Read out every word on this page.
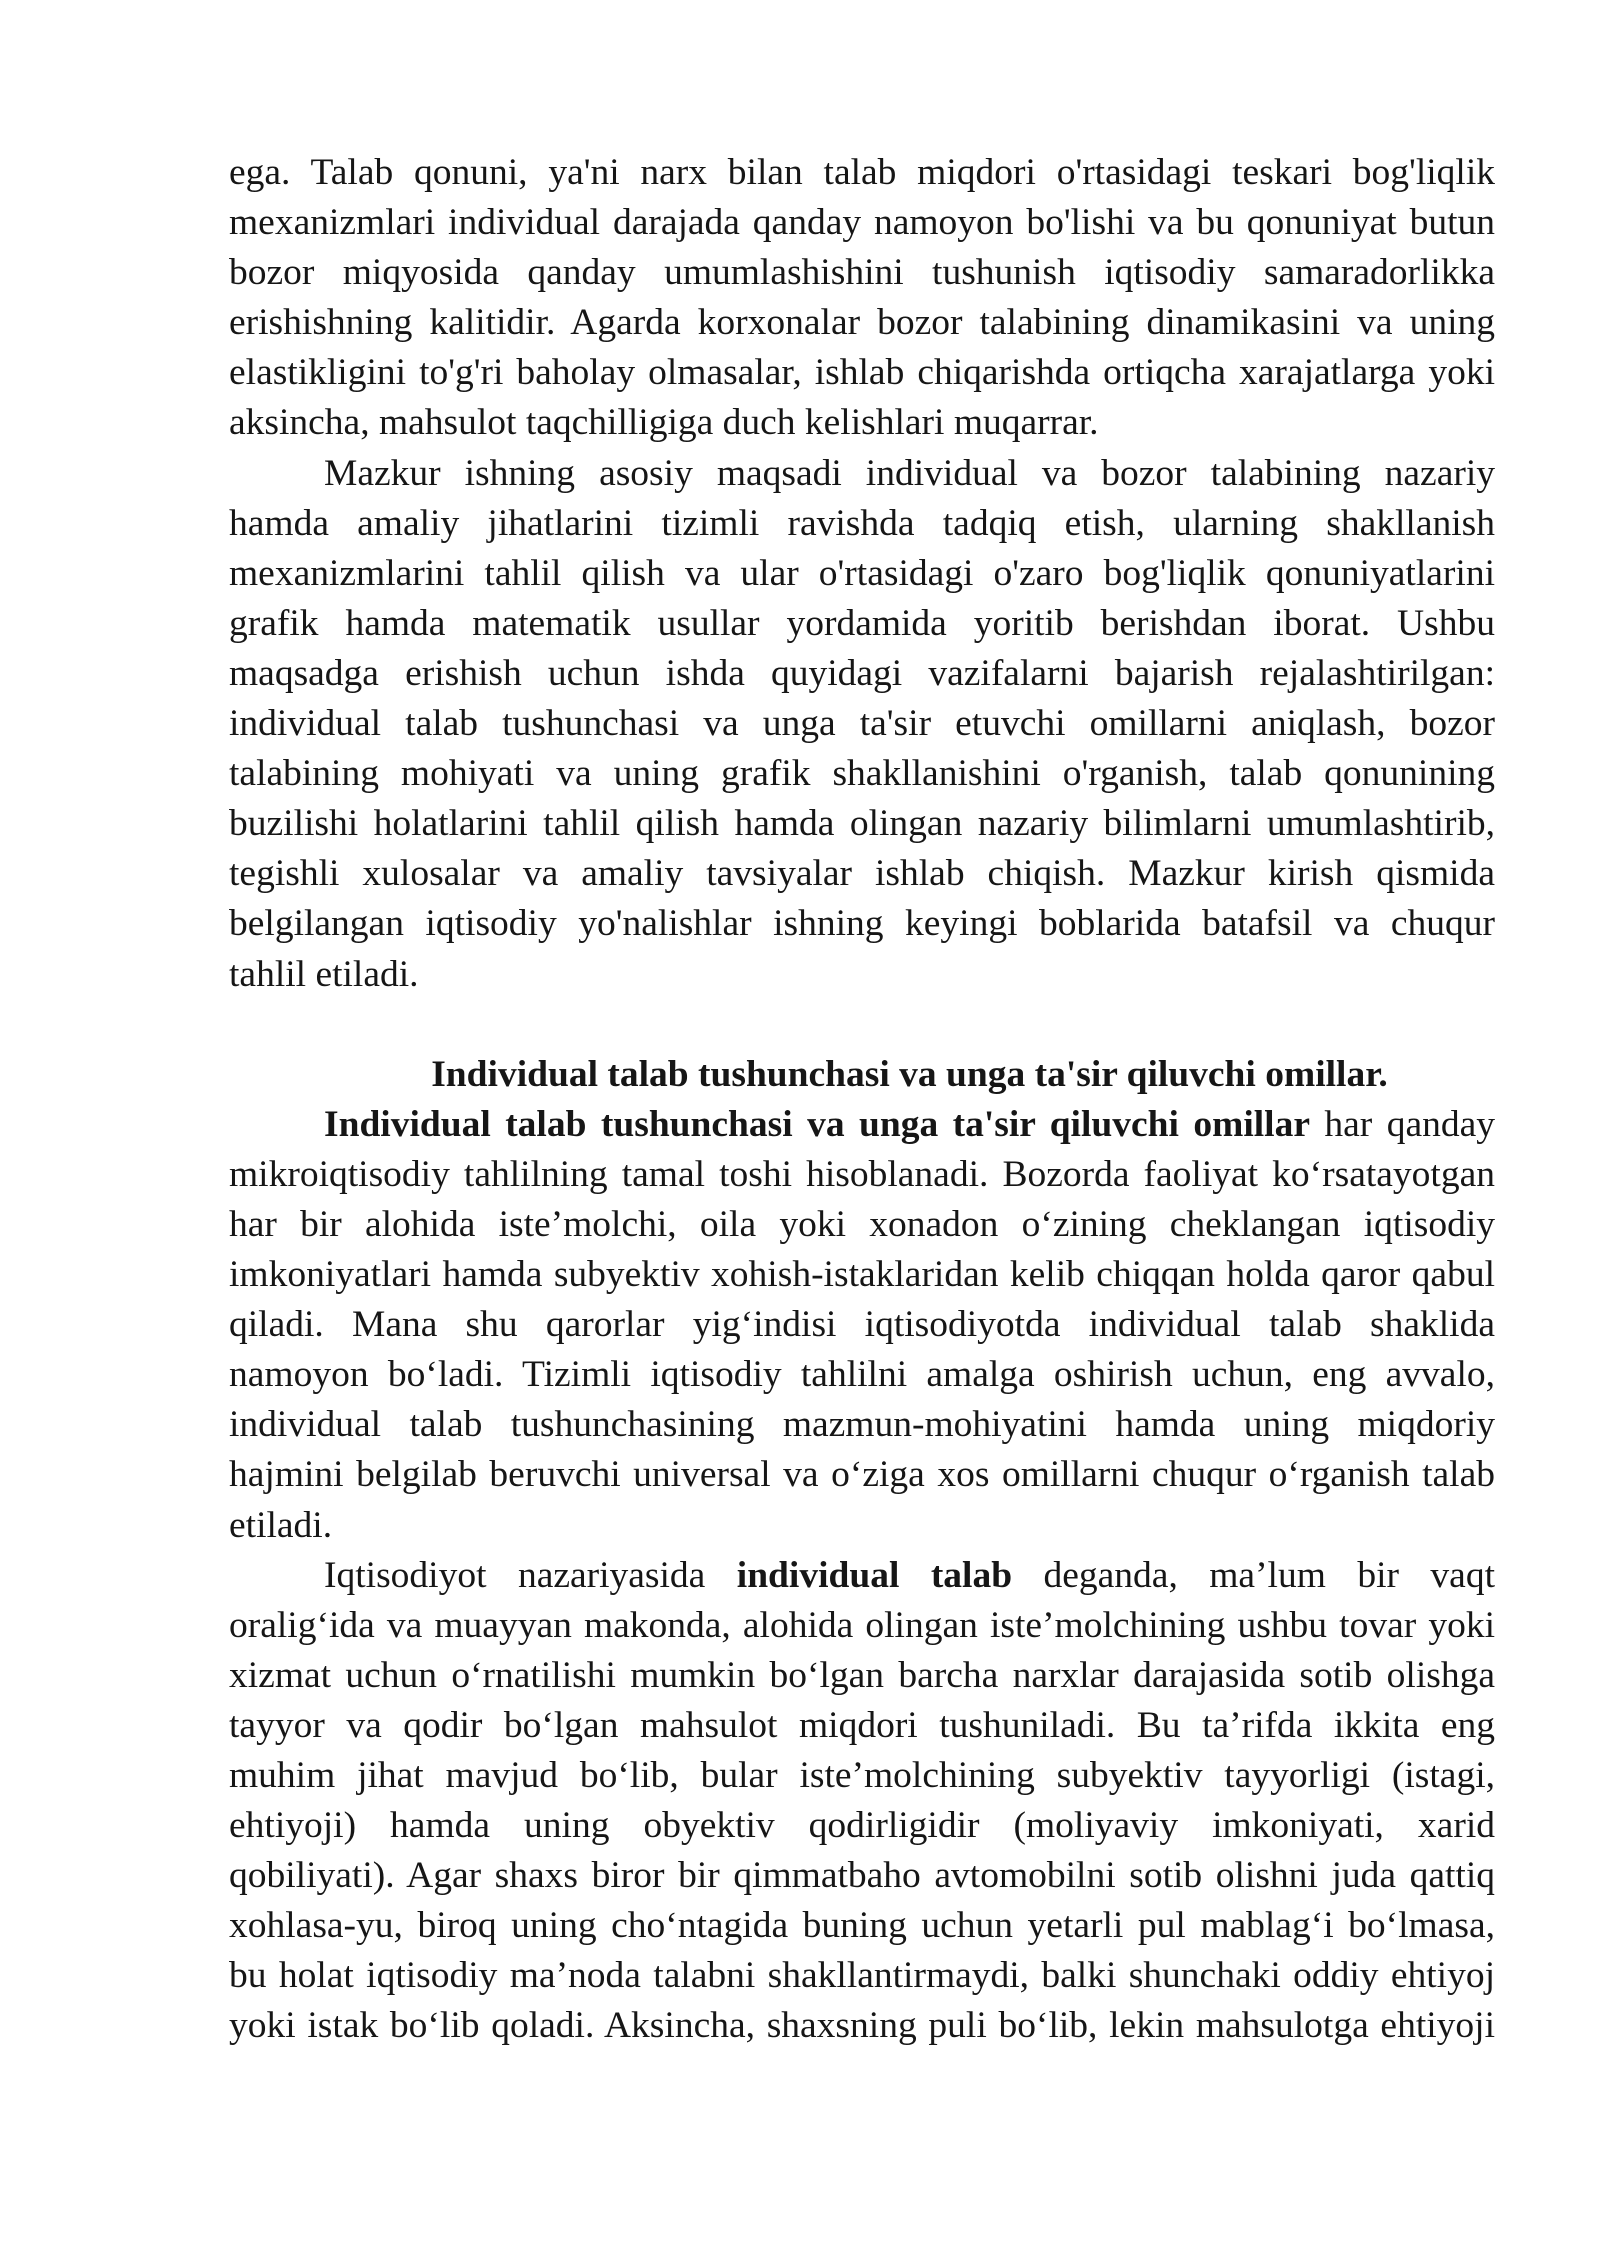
ega. Talab qonuni, ya'ni narx bilan talab miqdori o'rtasidagi teskari bog'liqlik
mexanizmlari individual darajada qanday namoyon bo'lishi va bu qonuniyat butun
bozor miqyosida qanday umumlashishini tushunish iqtisodiy samaradorlikka
erishishning kalitidir. Agarda korxonalar bozor talabining dinamikasini va uning
elastikligini to'g'ri baholay olmasalar, ishlab chiqarishda ortiqcha xarajatlarga yoki
aksincha, mahsulot taqchilligiga duch kelishlari muqarrar.
Mazkur ishning asosiy maqsadi individual va bozor talabining nazariy
hamda amaliy jihatlarini tizimli ravishda tadqiq etish, ularning shakllanish
mexanizmlarini tahlil qilish va ular o'rtasidagi o'zaro bog'liqlik qonuniyatlarini
grafik hamda matematik usullar yordamida yoritib berishdan iborat. Ushbu
maqsadga erishish uchun ishda quyidagi vazifalarni bajarish rejalashtirilgan:
individual talab tushunchasi va unga ta'sir etuvchi omillarni aniqlash, bozor
talabining mohiyati va uning grafik shakllanishini o'rganish, talab qonunining
buzilishi holatlarini tahlil qilish hamda olingan nazariy bilimlarni umumlashtirib,
tegishli xulosalar va amaliy tavsiyalar ishlab chiqish. Mazkur kirish qismida
belgilangan iqtisodiy yo'nalishlar ishning keyingi boblarida batafsil va chuqur
tahlil etiladi.
Individual talab tushunchasi va unga ta'sir qiluvchi omillar.
Individual talab tushunchasi va unga ta'sir qiluvchi omillar har qanday
mikroiqtisodiy tahlilning tamal toshi hisoblanadi. Bozorda faoliyat ko‘rsatayotgan
har bir alohida iste’molchi, oila yoki xonadon o‘zining cheklangan iqtisodiy
imkoniyatlari hamda subyektiv xohish-istaklaridan kelib chiqqan holda qaror qabul
qiladi. Mana shu qarorlar yig‘indisi iqtisodiyotda individual talab shaklida
namoyon bo‘ladi. Tizimli iqtisodiy tahlilni amalga oshirish uchun, eng avvalo,
individual talab tushunchasining mazmun-mohiyatini hamda uning miqdoriy
hajmini belgilab beruvchi universal va o‘ziga xos omillarni chuqur o‘rganish talab
etiladi.
Iqtisodiyot nazariyasida individual talab deganda, ma’lum bir vaqt
oralig‘ida va muayyan makonda, alohida olingan iste’molchining ushbu tovar yoki
xizmat uchun o‘rnatilishi mumkin bo‘lgan barcha narxlar darajasida sotib olishga
tayyor va qodir bo‘lgan mahsulot miqdori tushuniladi. Bu ta’rifda ikkita eng
muhim jihat mavjud bo‘lib, bular iste’molchining subyektiv tayyorligi (istagi,
ehtiyoji) hamda uning obyektiv qodirligidir (moliyaviy imkoniyati, xarid
qobiliyati). Agar shaxs biror bir qimmatbaho avtomobilni sotib olishni juda qattiq
xohlasa-yu, biroq uning cho‘ntagida buning uchun yetarli pul mablag‘i bo‘lmasa,
bu holat iqtisodiy ma’noda talabni shakllantirmaydi, balki shunchaki oddiy ehtiyoj
yoki istak bo‘lib qoladi. Aksincha, shaxsning puli bo‘lib, lekin mahsulotga ehtiyoji
